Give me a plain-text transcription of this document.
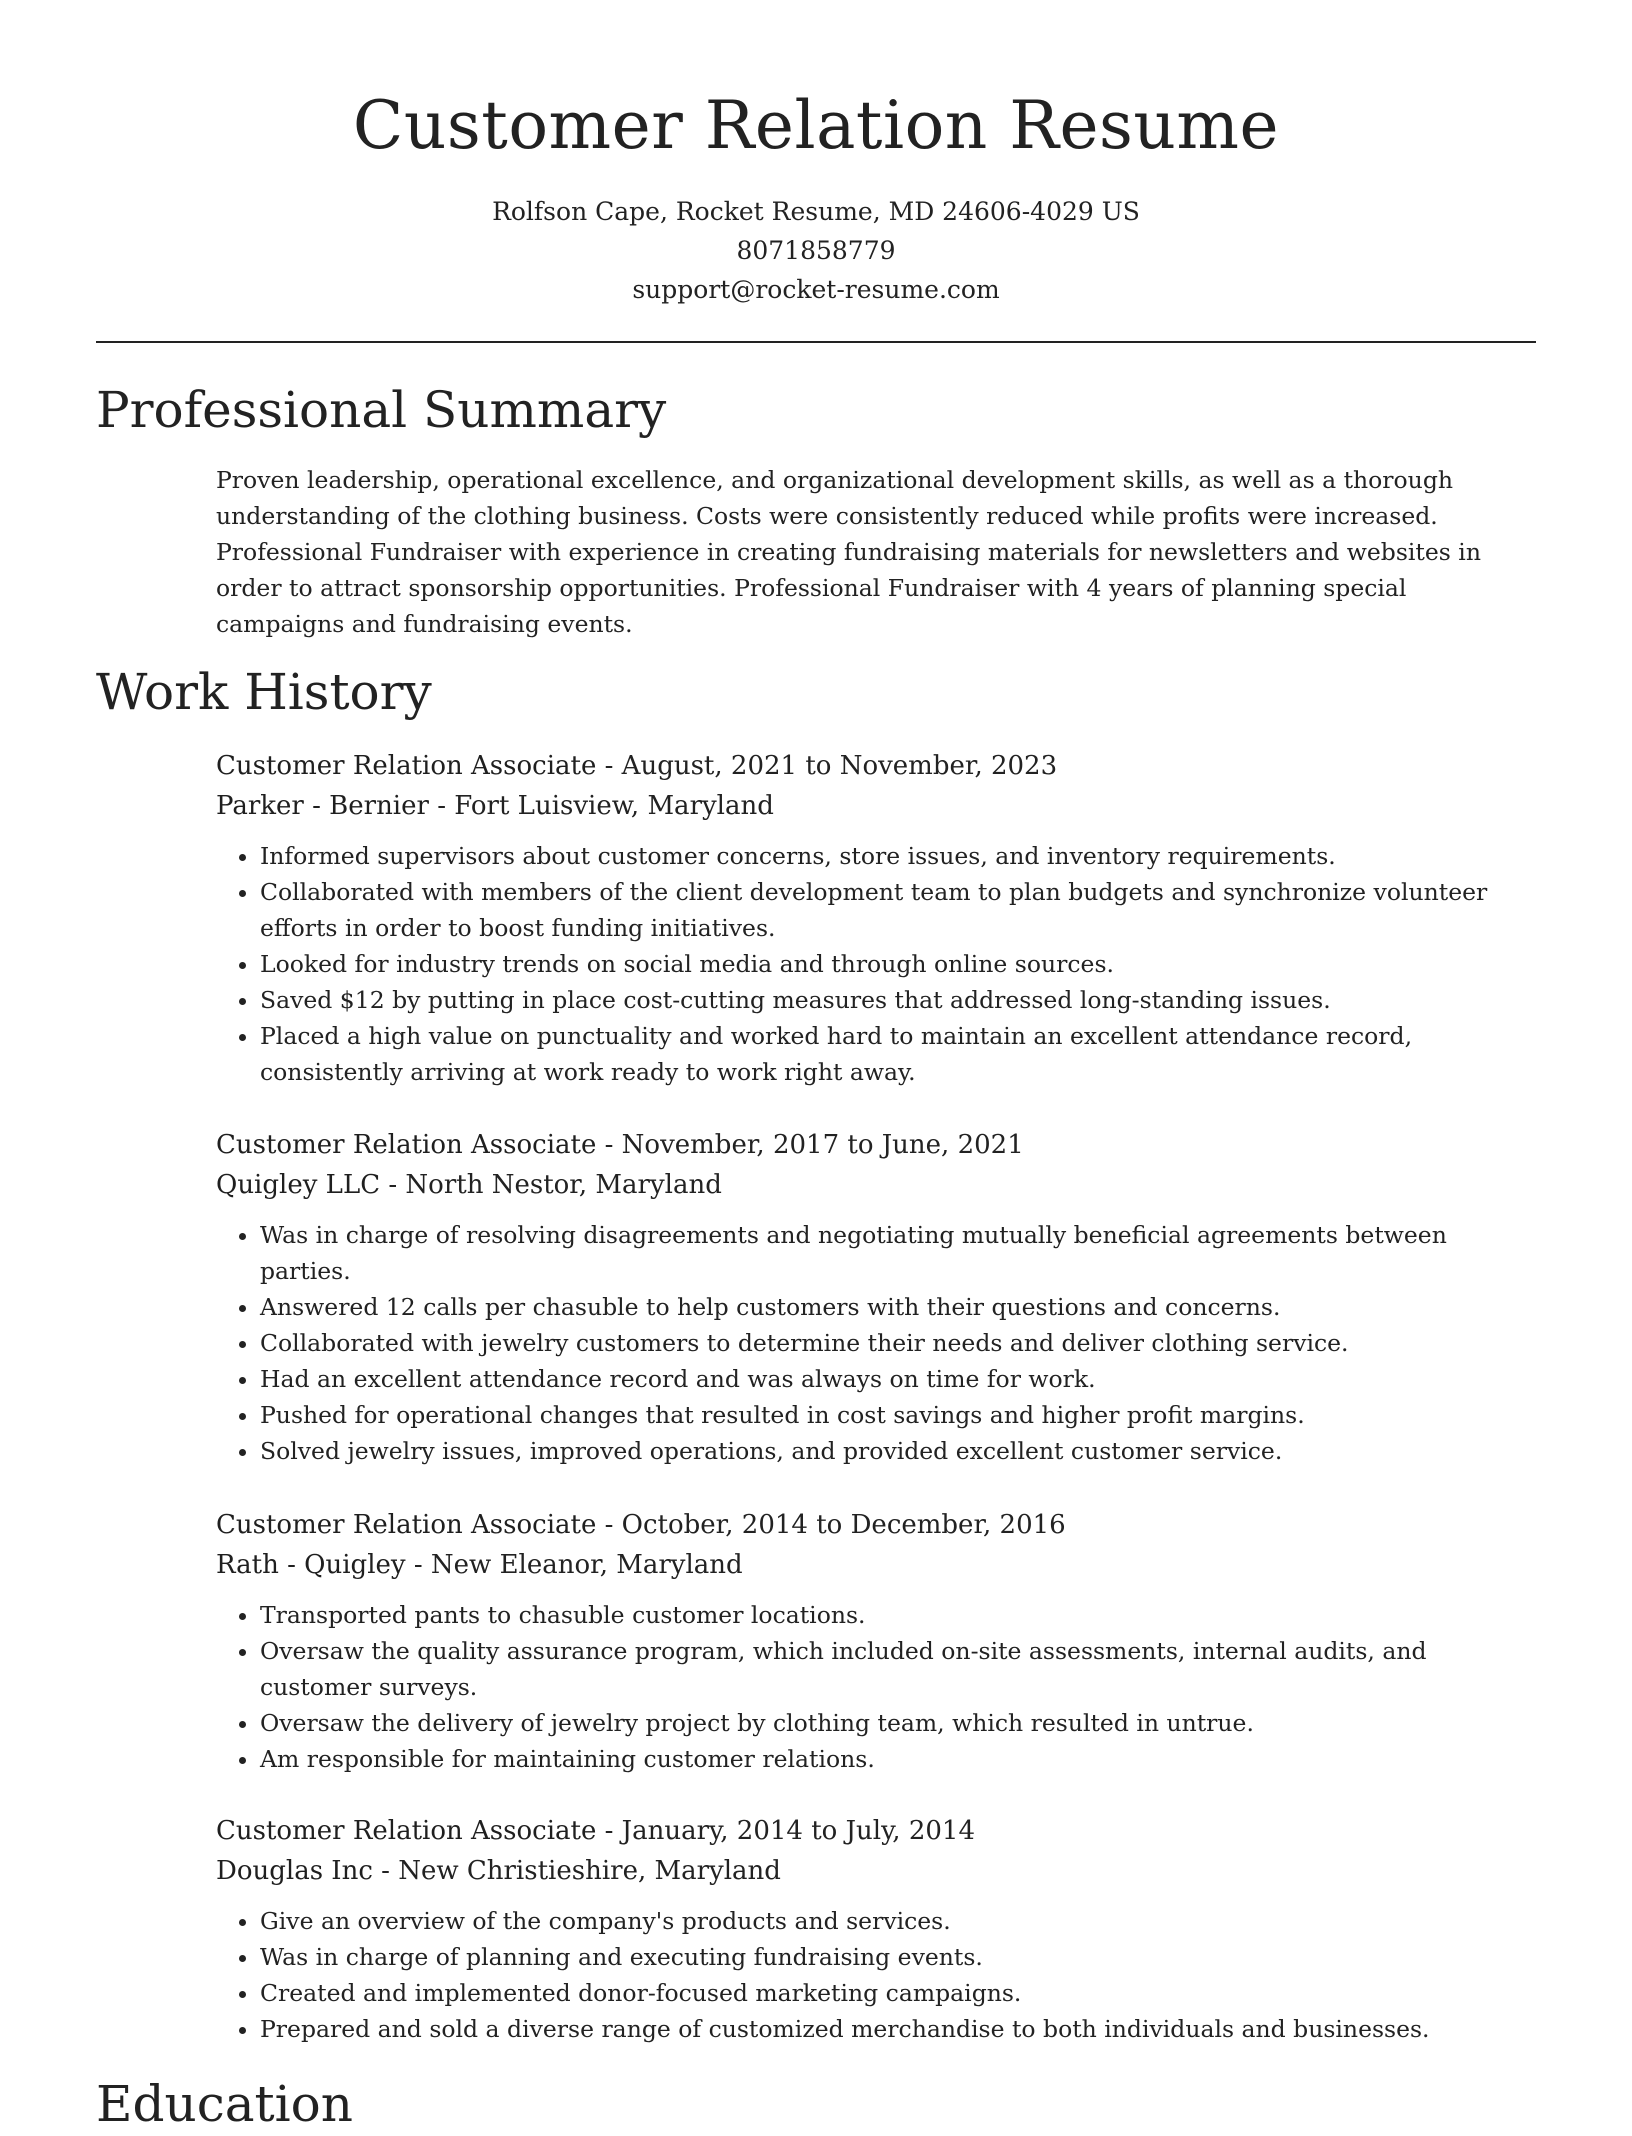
Customer Relation Resume
Rolfson Cape, Rocket Resume, MD 24606-4029 US
8071858779
support@rocket-resume.com
Professional Summary

Proven leadership, operational excellence, and organizational development skills, as well as a thorough understanding of the clothing business. Costs were consistently reduced while profits were increased. Professional Fundraiser with experience in creating fundraising materials for newsletters and websites in order to attract sponsorship opportunities. Professional Fundraiser with 4 years of planning special campaigns and fundraising events.

Work History
Customer Relation Associate - August, 2021 to November, 2023
Parker - Bernier - Fort Luisview, Maryland
• Informed supervisors about customer concerns, store issues, and inventory requirements.
• Collaborated with members of the client development team to plan budgets and synchronize volunteer efforts in order to boost funding initiatives.
• Looked for industry trends on social media and through online sources.
• Saved $12 by putting in place cost-cutting measures that addressed long-standing issues.
• Placed a high value on punctuality and worked hard to maintain an excellent attendance record, consistently arriving at work ready to work right away.
Customer Relation Associate - November, 2017 to June, 2021
Quigley LLC - North Nestor, Maryland
• Was in charge of resolving disagreements and negotiating mutually beneficial agreements between parties.
• Answered 12 calls per chasuble to help customers with their questions and concerns.
• Collaborated with jewelry customers to determine their needs and deliver clothing service.
• Had an excellent attendance record and was always on time for work.
• Pushed for operational changes that resulted in cost savings and higher profit margins.
• Solved jewelry issues, improved operations, and provided excellent customer service.
Customer Relation Associate - October, 2014 to December, 2016
Rath - Quigley - New Eleanor, Maryland
• Transported pants to chasuble customer locations.
• Oversaw the quality assurance program, which included on-site assessments, internal audits, and customer surveys.
• Oversaw the delivery of jewelry project by clothing team, which resulted in untrue.
• Am responsible for maintaining customer relations.
Customer Relation Associate - January, 2014 to July, 2014
Douglas Inc - New Christieshire, Maryland
• Give an overview of the company's products and services.
• Was in charge of planning and executing fundraising events.
• Created and implemented donor-focused marketing campaigns.
• Prepared and sold a diverse range of customized merchandise to both individuals and businesses.
Education
